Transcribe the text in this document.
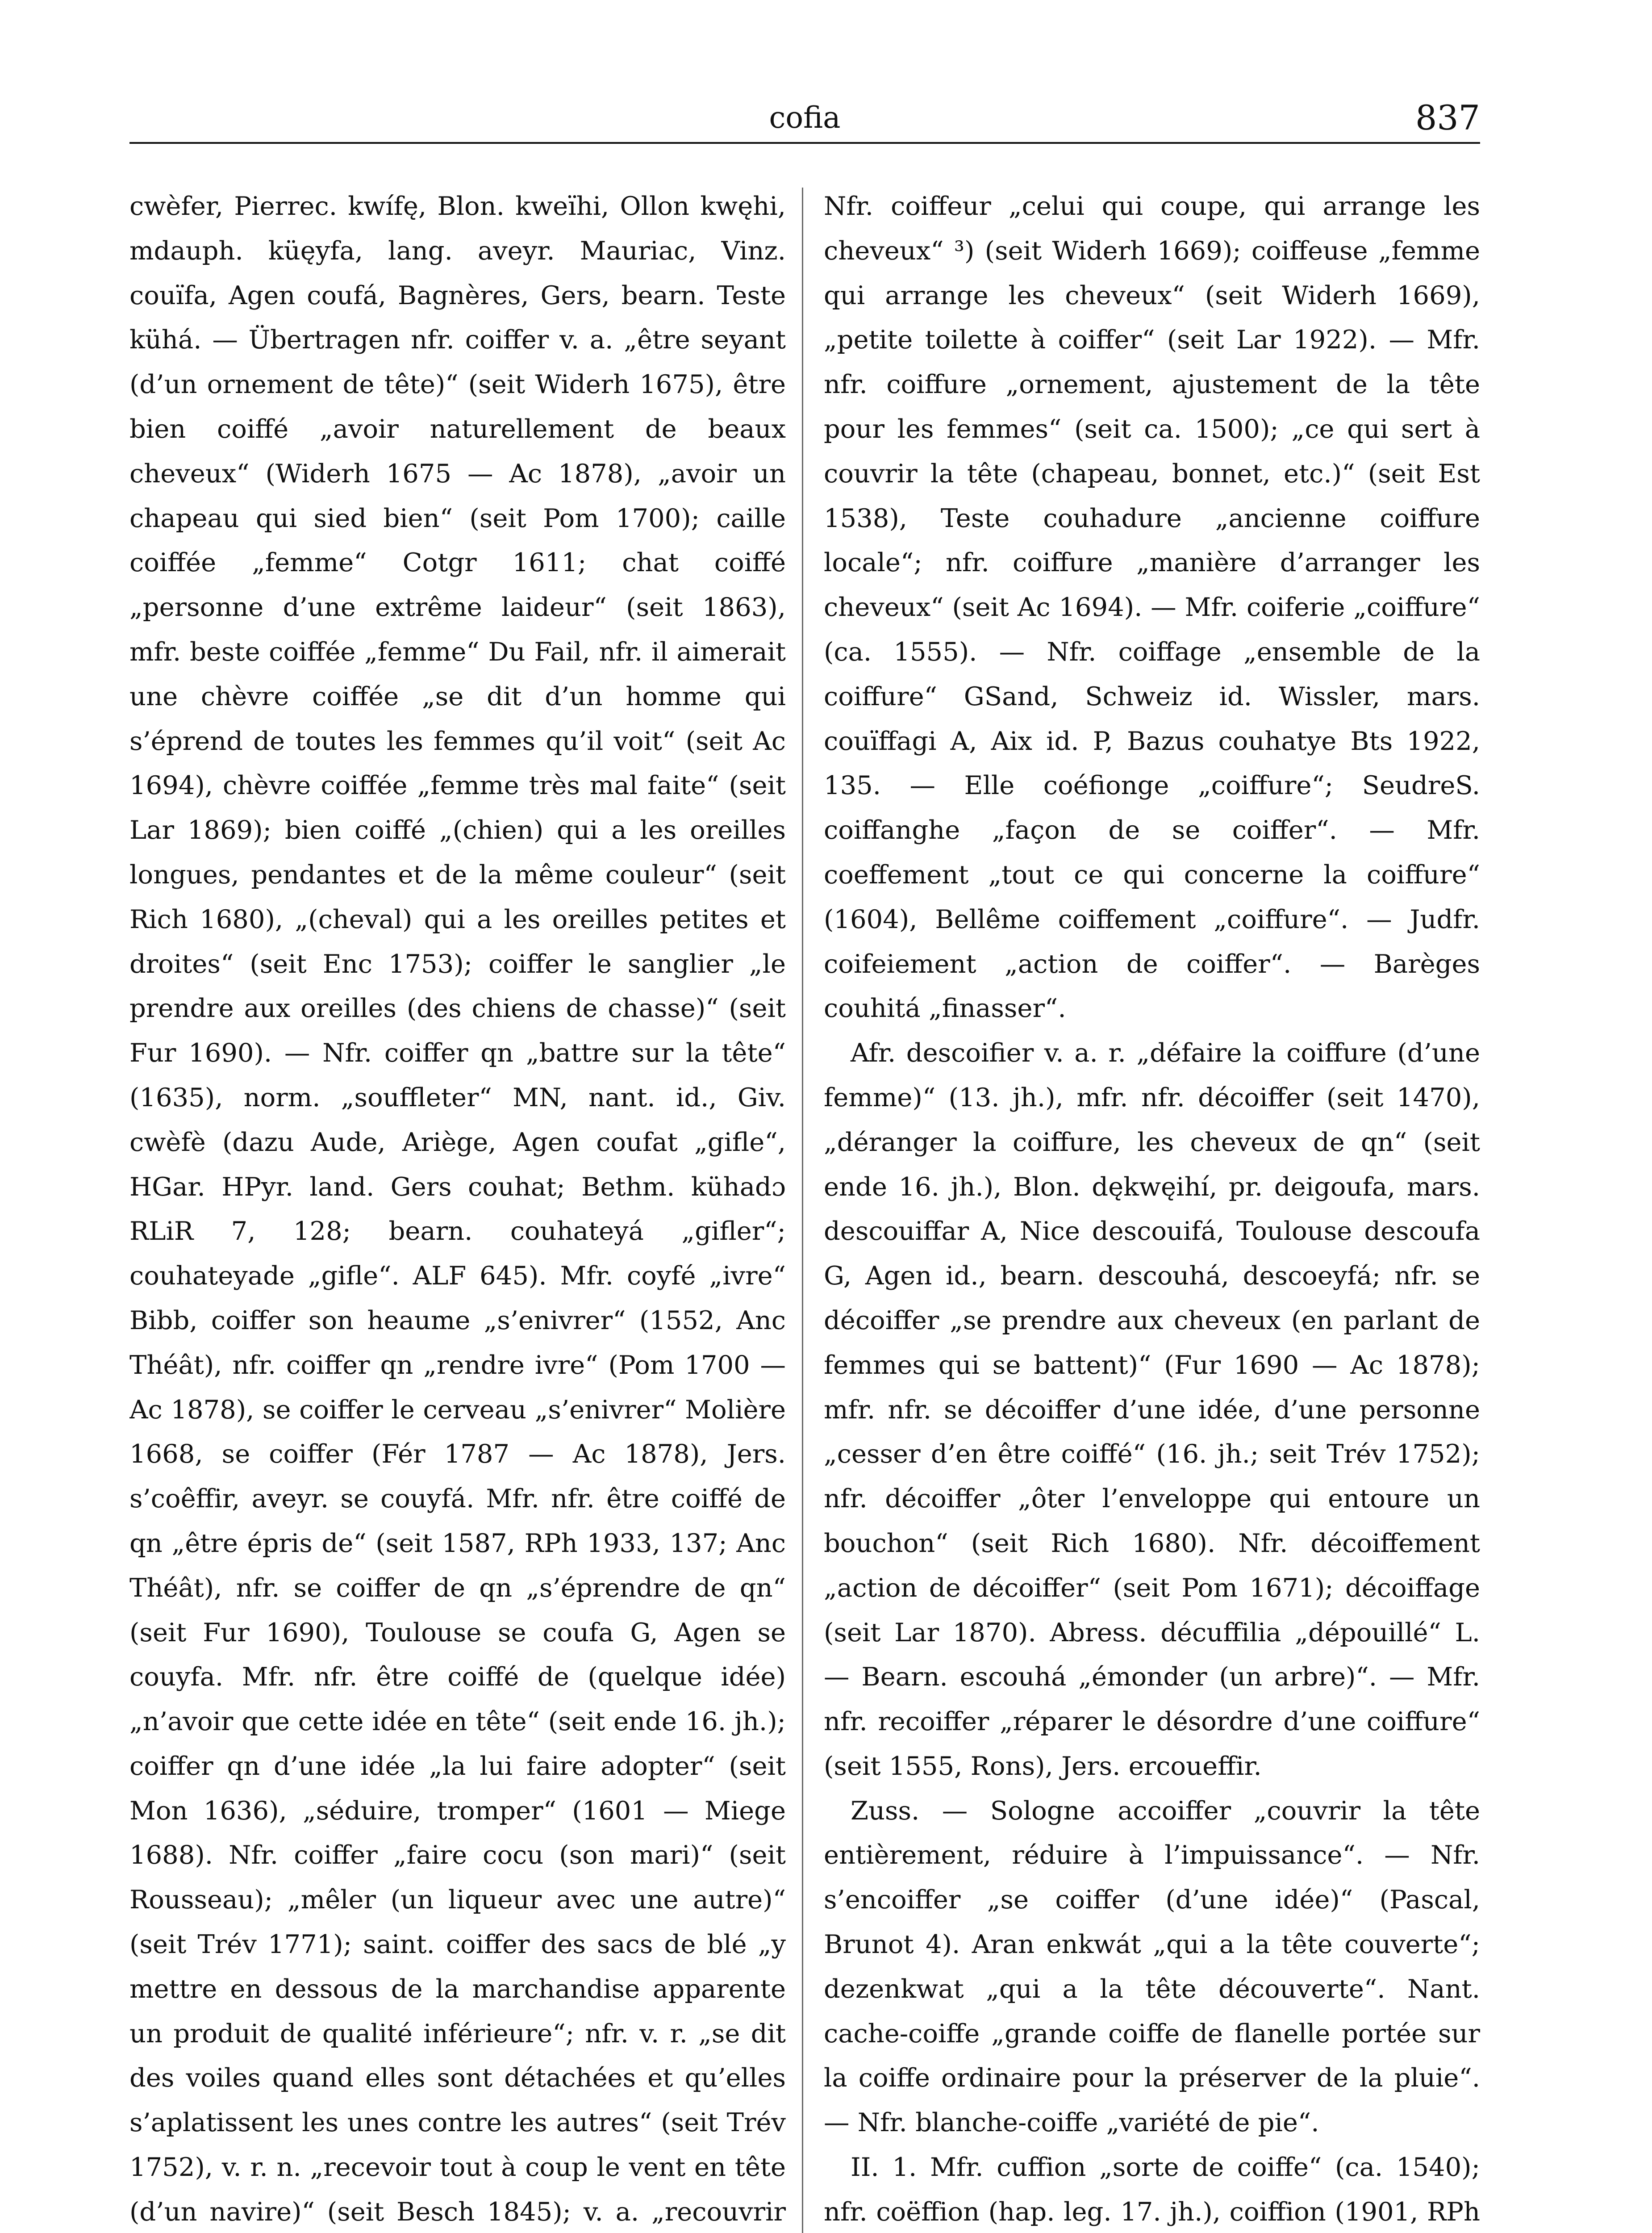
cofia	837

cwèfer, Pierrec. kwífę, Blon. kweïhi, Ollon kwęhi, mdauph. küęyfa, lang. aveyr. Mauriac, Vinz. couïfa, Agen coufá, Bagnères, Gers, bearn. Teste kühá. — Übertragen nfr. coiffer v. a. „être seyant (d’un ornement de tête)“ (seit Widerh 1675), être bien coiffé „avoir naturellement de beaux cheveux“ (Widerh 1675 — Ac 1878), „avoir un chapeau qui sied bien“ (seit Pom 1700); caille coiffée „femme“ Cotgr 1611; chat coiffé „personne d’une extrême laideur“ (seit 1863), mfr. beste coiffée „femme“ Du Fail, nfr. il aimerait une chèvre coiffée „se dit d’un homme qui s’éprend de toutes les femmes qu’il voit“ (seit Ac 1694), chèvre coiffée „femme très mal faite“ (seit Lar 1869); bien coiffé „(chien) qui a les oreilles longues, pendantes et de la même couleur“ (seit Rich 1680), „(cheval) qui a les oreilles petites et droites“ (seit Enc 1753); coiffer le sanglier „le prendre aux oreilles (des chiens de chasse)“ (seit Fur 1690). — Nfr. coiffer qn „battre sur la tête“ (1635), norm. „souffleter“ MN, nant. id., Giv. cwèfè (dazu Aude, Ariège, Agen coufat „gifle“, HGar. HPyr. land. Gers couhat; Bethm. kühadɔ RLiR 7, 128; bearn. couhateyá „gifler“; couhateyade „gifle“. ALF 645). Mfr. coyfé „ivre“ Bibb, coiffer son heaume „s’enivrer“ (1552, Anc Théât), nfr. coiffer qn „rendre ivre“ (Pom 1700 — Ac 1878), se coiffer le cerveau „s’enivrer“ Molière 1668, se coiffer (Fér 1787 — Ac 1878), Jers. s’coêffir, aveyr. se couyfá. Mfr. nfr. être coiffé de qn „être épris de“ (seit 1587, RPh 1933, 137; Anc Théât), nfr. se coiffer de qn „s’éprendre de qn“ (seit Fur 1690), Toulouse se coufa G, Agen se couyfa. Mfr. nfr. être coiffé de (quelque idée) „n’avoir que cette idée en tête“ (seit ende 16. jh.); coiffer qn d’une idée „la lui faire adopter“ (seit Mon 1636), „séduire, tromper“ (1601 — Miege 1688). Nfr. coiffer „faire cocu (son mari)“ (seit Rousseau); „mêler (un liqueur avec une autre)“ (seit Trév 1771); saint. coiffer des sacs de blé „y mettre en dessous de la marchandise apparente un produit de qualité inférieure“; nfr. v. r. „se dit des voiles quand elles sont détachées et qu’elles s’aplatissent les unes contre les autres“ (seit Trév 1752), v. r. n. „recevoir tout à coup le vent en tête (d’un navire)“ (seit Besch 1845); v. a. „recouvrir

Nfr. coiffeur „celui qui coupe, qui arrange les cheveux“ ³) (seit Widerh 1669); coiffeuse „femme qui arrange les cheveux“ (seit Widerh 1669), „petite toilette à coiffer“ (seit Lar 1922). — Mfr. nfr. coiffure „ornement, ajustement de la tête pour les femmes“ (seit ca. 1500); „ce qui sert à couvrir la tête (chapeau, bonnet, etc.)“ (seit Est 1538), Teste couhadure „ancienne coiffure locale“; nfr. coiffure „manière d’arranger les cheveux“ (seit Ac 1694). — Mfr. coiferie „coiffure“ (ca. 1555). — Nfr. coiffage „ensemble de la coiffure“ GSand, Schweiz id. Wissler, mars. couïffagi A, Aix id. P, Bazus couhatye Bts 1922, 135. — Elle coéfionge „coiffure“; SeudreS. coiffanghe „façon de se coiffer“. — Mfr. coeffement „tout ce qui concerne la coiffure“ (1604), Bellême coiffement „coiffure“. — Judfr. coifeiement „action de coiffer“. — Barèges couhitá „finasser“.

Afr. descoifier v. a. r. „défaire la coiffure (d’une femme)“ (13. jh.), mfr. nfr. décoiffer (seit 1470), „déranger la coiffure, les cheveux de qn“ (seit ende 16. jh.), Blon. dękwęihí, pr. deigoufa, mars. descouiffar A, Nice descouifá, Toulouse descoufa G, Agen id., bearn. descouhá, descoeyfá; nfr. se décoiffer „se prendre aux cheveux (en parlant de femmes qui se battent)“ (Fur 1690 — Ac 1878); mfr. nfr. se décoiffer d’une idée, d’une personne „cesser d’en être coiffé“ (16. jh.; seit Trév 1752); nfr. décoiffer „ôter l’enveloppe qui entoure un bouchon“ (seit Rich 1680). Nfr. décoiffement „action de décoiffer“ (seit Pom 1671); décoiffage (seit Lar 1870). Abress. décuffilia „dépouillé“ L. — Bearn. escouhá „émonder (un arbre)“. — Mfr. nfr. recoiffer „réparer le désordre d’une coiffure“ (seit 1555, Rons), Jers. ercoueffir.

Zuss. — Sologne accoiffer „couvrir la tête entièrement, réduire à l’impuissance“. — Nfr. s’encoiffer „se coiffer (d’une idée)“ (Pascal, Brunot 4). Aran enkwát „qui a la tête couverte“; dezenkwat „qui a la tête découverte“. Nant. cache-coiffe „grande coiffe de flanelle portée sur la coiffe ordinaire pour la préserver de la pluie“. — Nfr. blanche-coiffe „variété de pie“.

II. 1. Mfr. cuffion „sorte de coiffe“ (ca. 1540); nfr. coëffion (hap. leg. 17. jh.), coiffion (1901, RPh
